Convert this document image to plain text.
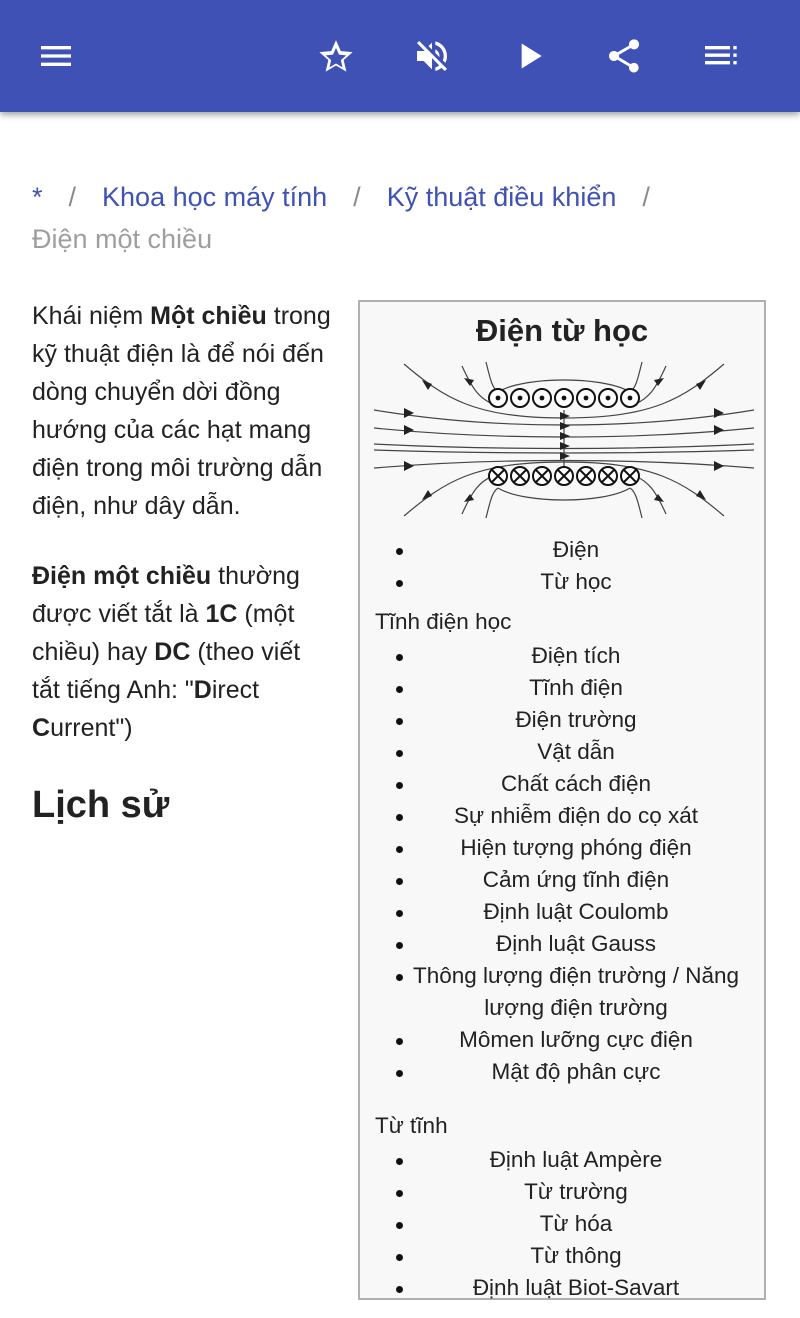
* / Khoa học máy tính / Kỹ thuật điều khiển /
Điện một chiều

Khái niệm Một chiều trong kỹ thuật điện là để nói đến dòng chuyển dời đồng hướng của các hạt mang điện trong môi trường dẫn điện, như dây dẫn.

Điện một chiều thường được viết tắt là 1C (một chiều) hay DC (theo viết tắt tiếng Anh: "Direct Current")

Lịch sử
Điện từ học
Điện
Từ học
Tĩnh điện học
Điện tích
Tĩnh điện
Điện trường
Vật dẫn
Chất cách điện
Sự nhiễm điện do cọ xát
Hiện tượng phóng điện
Cảm ứng tĩnh điện
Định luật Coulomb
Định luật Gauss
Thông lượng điện trường / Năng lượng điện trường
Mômen lưỡng cực điện
Mật độ phân cực
Từ tĩnh
Định luật Ampère
Từ trường
Từ hóa
Từ thông
Định luật Biot-Savart
